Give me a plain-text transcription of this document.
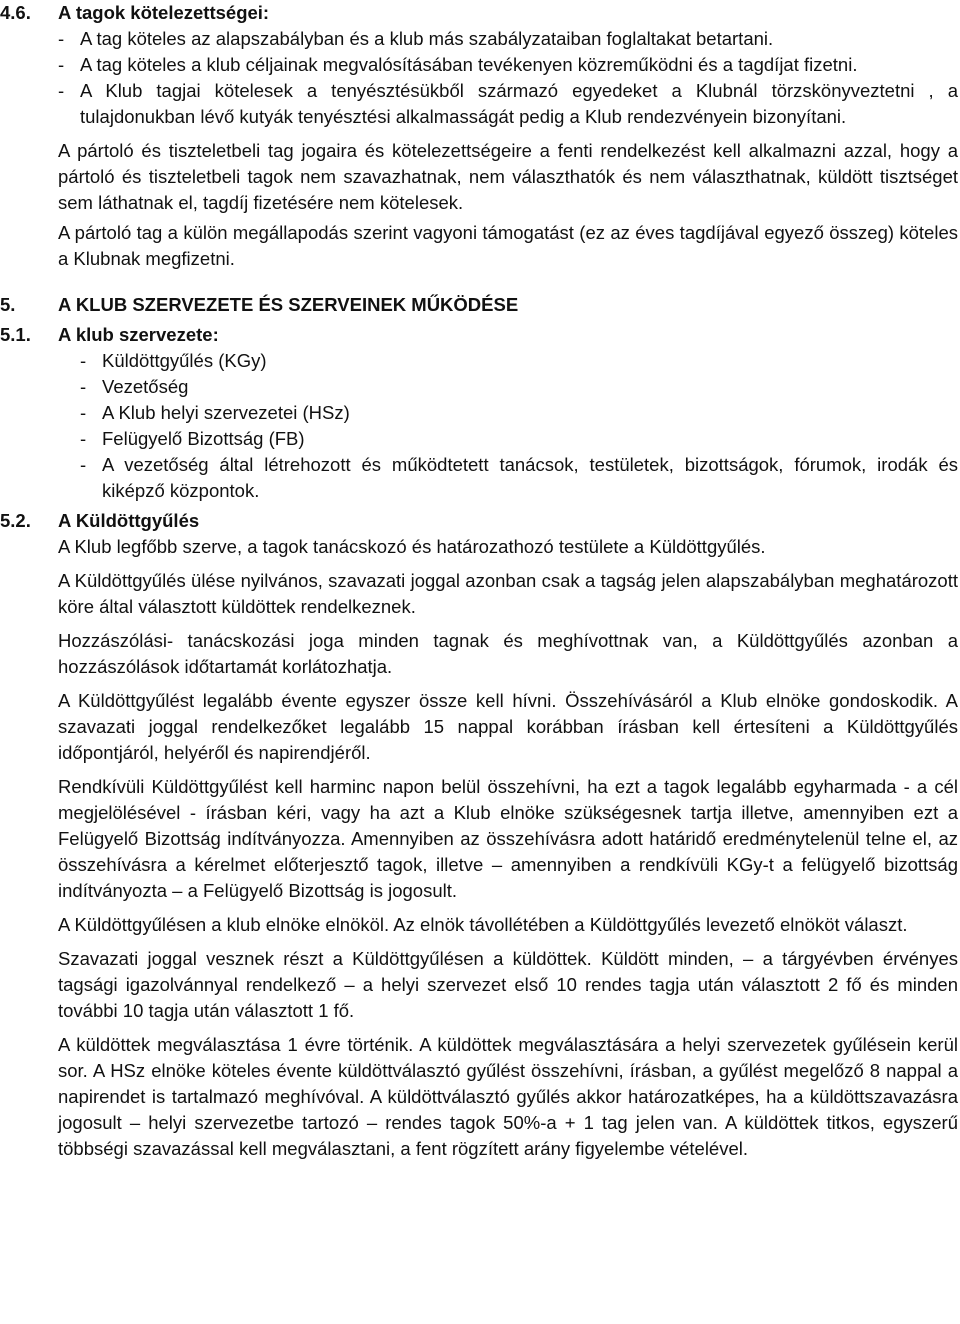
4.6. A tagok kötelezettségei:
- A tag köteles az alapszabályban és a klub más szabályzataiban foglaltakat betartani.
- A tag köteles a klub céljainak megvalósításában tevékenyen közreműködni és a tagdíjat fizetni.
- A Klub tagjai kötelesek a tenyésztésükből származó egyedeket a Klubnál törzskönyveztetni , a tulajdonukban lévő kutyák tenyésztési alkalmasságát pedig a Klub rendezvényein bizonyítani.

A pártoló és tiszteletbeli tag jogaira és kötelezettségeire a fenti rendelkezést kell alkalmazni azzal, hogy a pártoló és tiszteletbeli tagok nem szavazhatnak, nem választhatók és nem választhatnak, küldött tisztséget sem láthatnak el, tagdíj fizetésére nem kötelesek.

A pártoló tag a külön megállapodás szerint vagyoni támogatást (ez az éves tagdíjával egyező összeg) köteles a Klubnak megfizetni.

5. A KLUB SZERVEZETE ÉS SZERVEINEK MŰKÖDÉSE
5.1. A klub szervezete:
- Küldöttgyűlés (KGy)
- Vezetőség
- A Klub helyi szervezetei (HSz)
- Felügyelő Bizottság (FB)
- A vezetőség által létrehozott és működtetett tanácsok, testületek, bizottságok, fórumok, irodák és kiképző központok.
5.2. A Küldöttgyűlés

A Klub legfőbb szerve, a tagok tanácskozó és határozathozó testülete a Küldöttgyűlés.

A Küldöttgyűlés ülése nyilvános, szavazati joggal azonban csak a tagság jelen alapszabályban meghatározott köre által választott küldöttek rendelkeznek.

Hozzászólási- tanácskozási joga minden tagnak és meghívottnak van, a Küldöttgyűlés azonban a hozzászólások időtartamát korlátozhatja.

A Küldöttgyűlést legalább évente egyszer össze kell hívni. Összehívásáról a Klub elnöke gondoskodik. A szavazati joggal rendelkezőket legalább 15 nappal korábban írásban kell értesíteni a Küldöttgyűlés időpontjáról, helyéről és napirendjéről.

Rendkívüli Küldöttgyűlést kell harminc napon belül összehívni, ha ezt a tagok legalább egyharmada - a cél megjelölésével - írásban kéri, vagy ha azt a Klub elnöke szükségesnek tartja illetve, amennyiben ezt a Felügyelő Bizottság indítványozza. Amennyiben az összehívásra adott határidő eredménytelenül telne el, az összehívásra a kérelmet előterjesztő tagok, illetve – amennyiben a rendkívüli KGy-t a felügyelő bizottság indítványozta – a Felügyelő Bizottság is jogosult.

A Küldöttgyűlésen a klub elnöke elnököl. Az elnök távollétében a Küldöttgyűlés levezető elnököt választ.

Szavazati joggal vesznek részt a Küldöttgyűlésen a küldöttek. Küldött minden, – a tárgyévben érvényes tagsági igazolvánnyal rendelkező – a helyi szervezet első 10 rendes tagja után választott 2 fő és minden további 10 tagja után választott 1 fő.

A küldöttek megválasztása 1 évre történik. A küldöttek megválasztására a helyi szervezetek gyűlésein kerül sor. A HSz elnöke köteles évente küldöttválasztó gyűlést összehívni, írásban, a gyűlést megelőző 8 nappal a napirendet is tartalmazó meghívóval. A küldöttválasztó gyűlés akkor határozatképes, ha a küldöttszavazásra jogosult – helyi szervezetbe tartozó – rendes tagok 50%-a + 1 tag jelen van. A küldöttek titkos, egyszerű többségi szavazással kell megválasztani, a fent rögzített arány figyelembe vételével.
